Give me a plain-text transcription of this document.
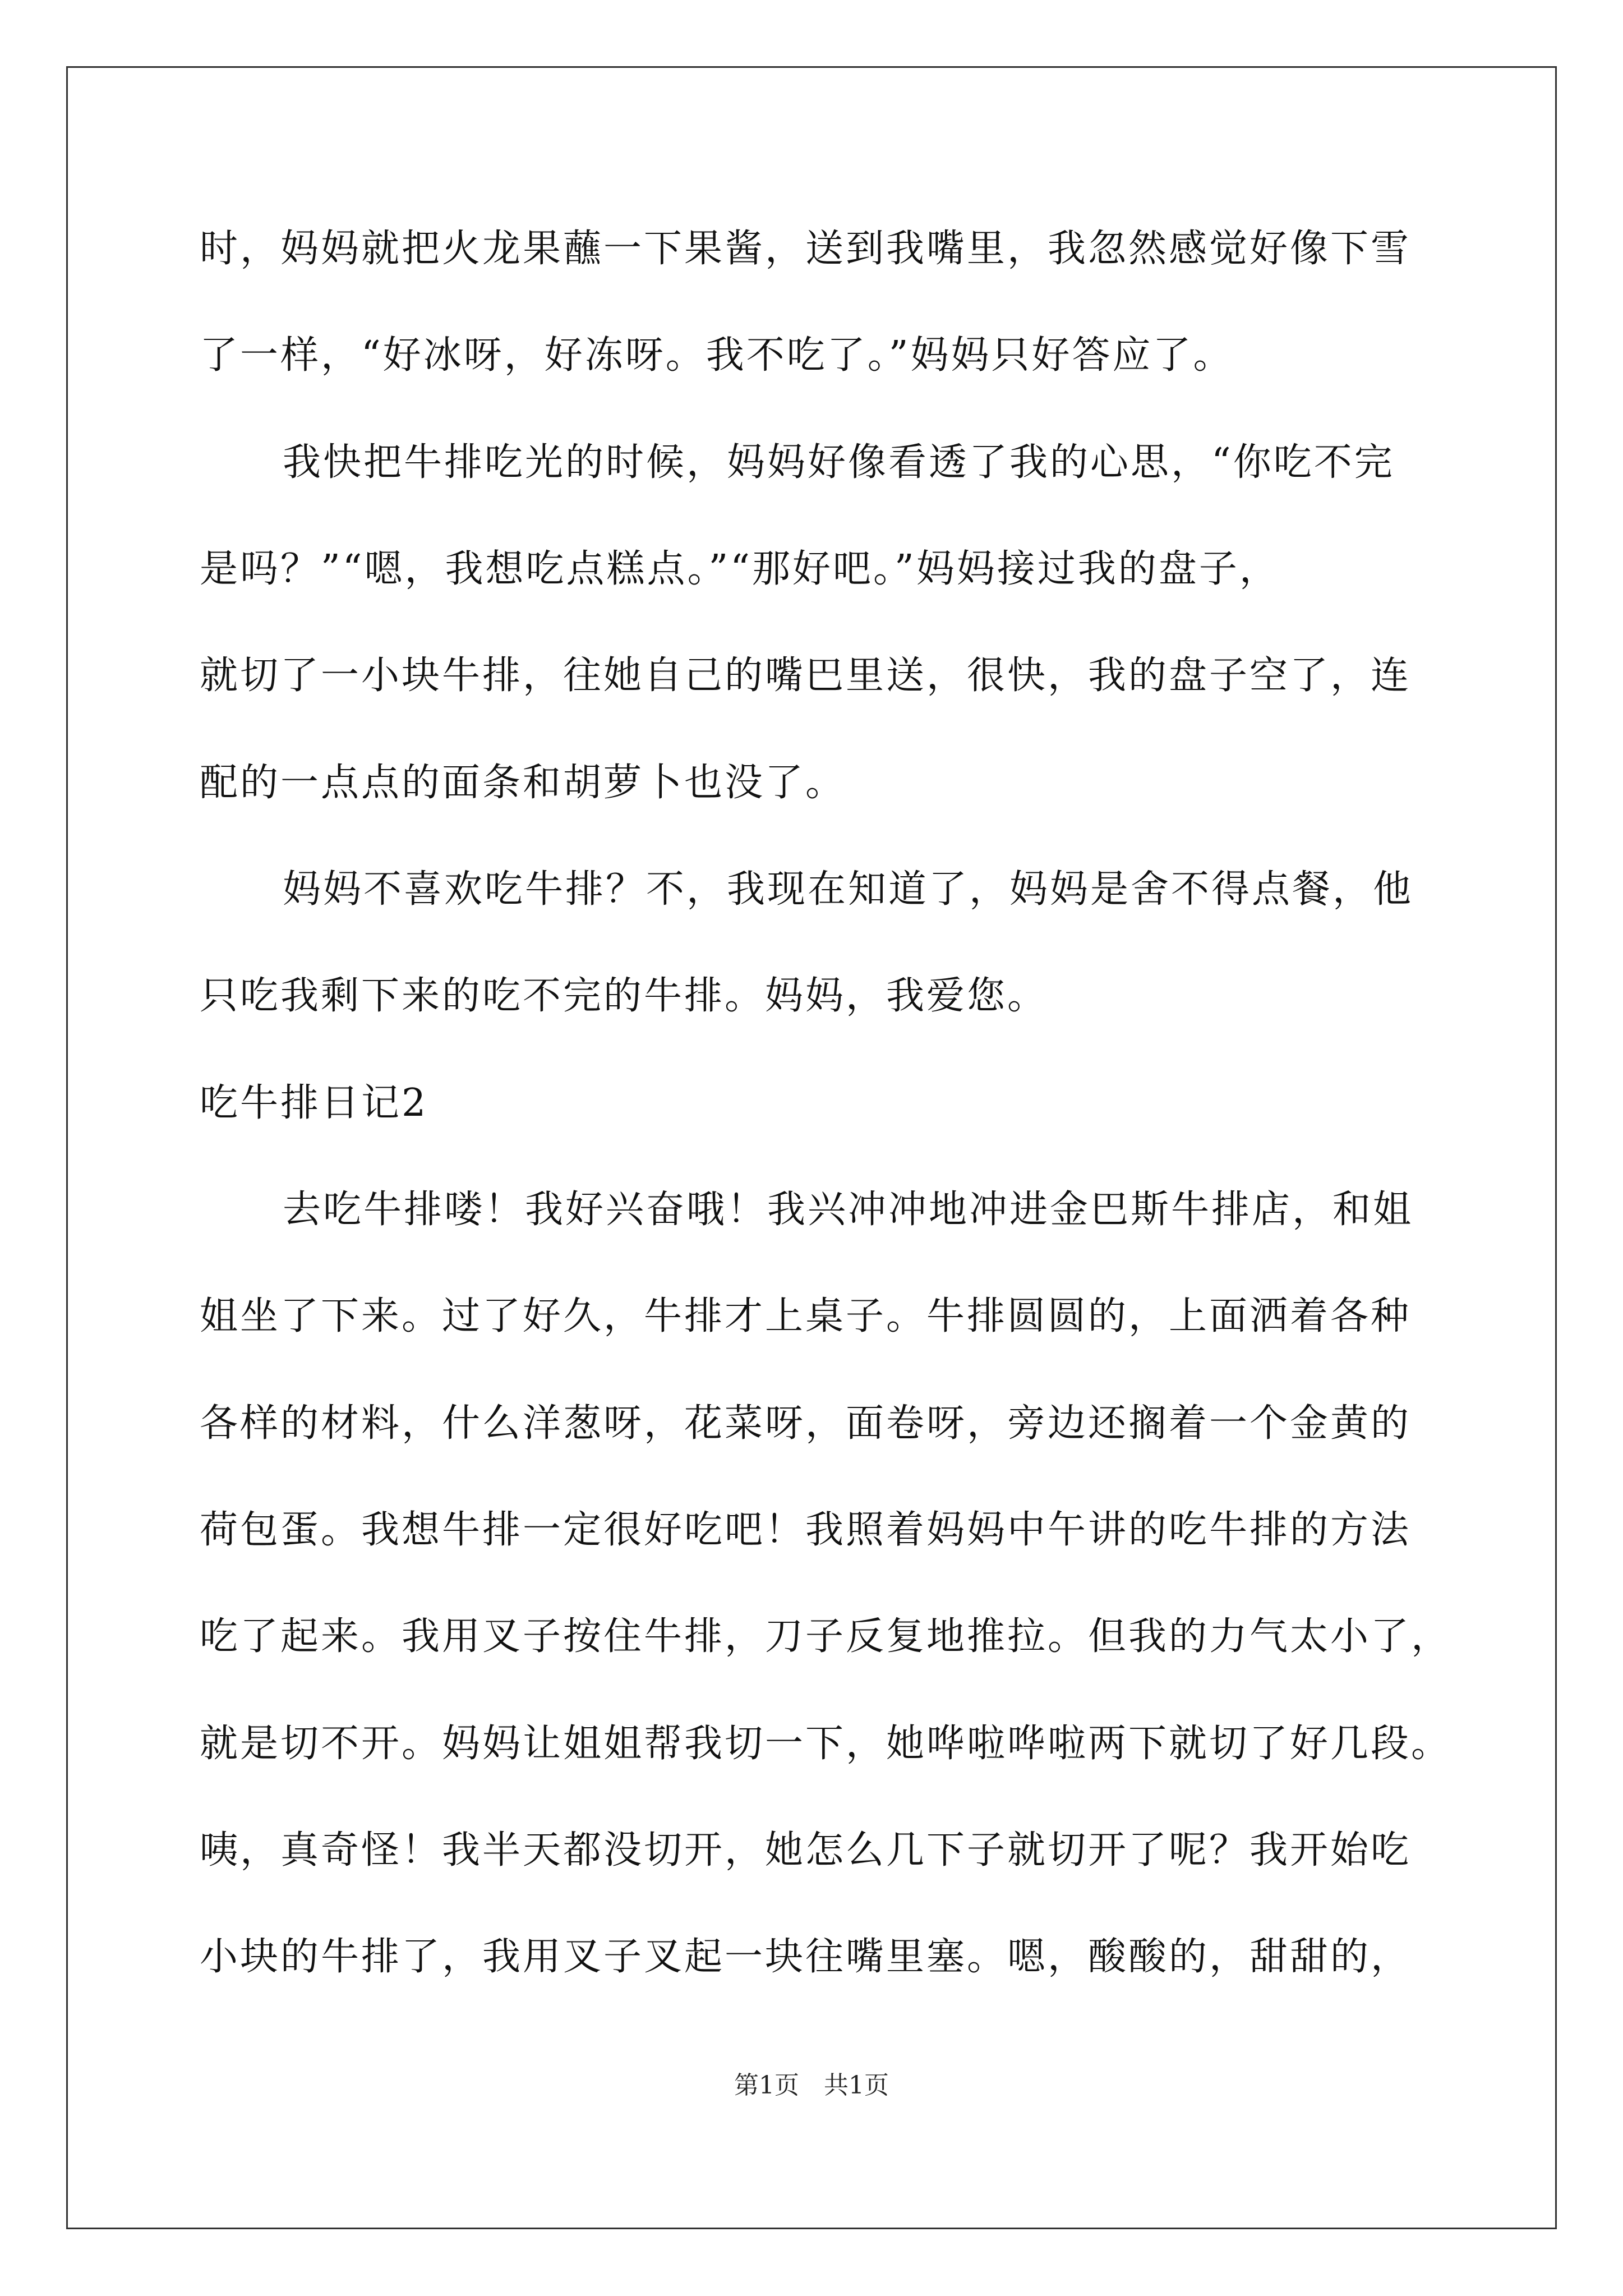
时，妈妈就把火龙果蘸一下果酱，送到我嘴里，我忽然感觉好像下雪
了一样，“好冰呀，好冻呀。我不吃了。”妈妈只好答应了。
我快把牛排吃光的时候，妈妈好像看透了我的心思，“你吃不完
是吗？”“嗯，我想吃点糕点。”“那好吧。”妈妈接过我的盘子，
就切了一小块牛排，往她自己的嘴巴里送，很快，我的盘子空了，连
配的一点点的面条和胡萝卜也没了。
妈妈不喜欢吃牛排？不，我现在知道了，妈妈是舍不得点餐，他
只吃我剩下来的吃不完的牛排。妈妈，我爱您。
吃牛排日记2
去吃牛排喽！我好兴奋哦！我兴冲冲地冲进金巴斯牛排店，和姐
姐坐了下来。过了好久，牛排才上桌子。牛排圆圆的，上面洒着各种
各样的材料，什么洋葱呀，花菜呀，面卷呀，旁边还搁着一个金黄的
荷包蛋。我想牛排一定很好吃吧！我照着妈妈中午讲的吃牛排的方法
吃了起来。我用叉子按住牛排，刀子反复地推拉。但我的力气太小了，
就是切不开。妈妈让姐姐帮我切一下，她哗啦哗啦两下就切了好几段。
咦，真奇怪！我半天都没切开，她怎么几下子就切开了呢？我开始吃
小块的牛排了，我用叉子叉起一块往嘴里塞。嗯，酸酸的，甜甜的，
第1页　共1页
